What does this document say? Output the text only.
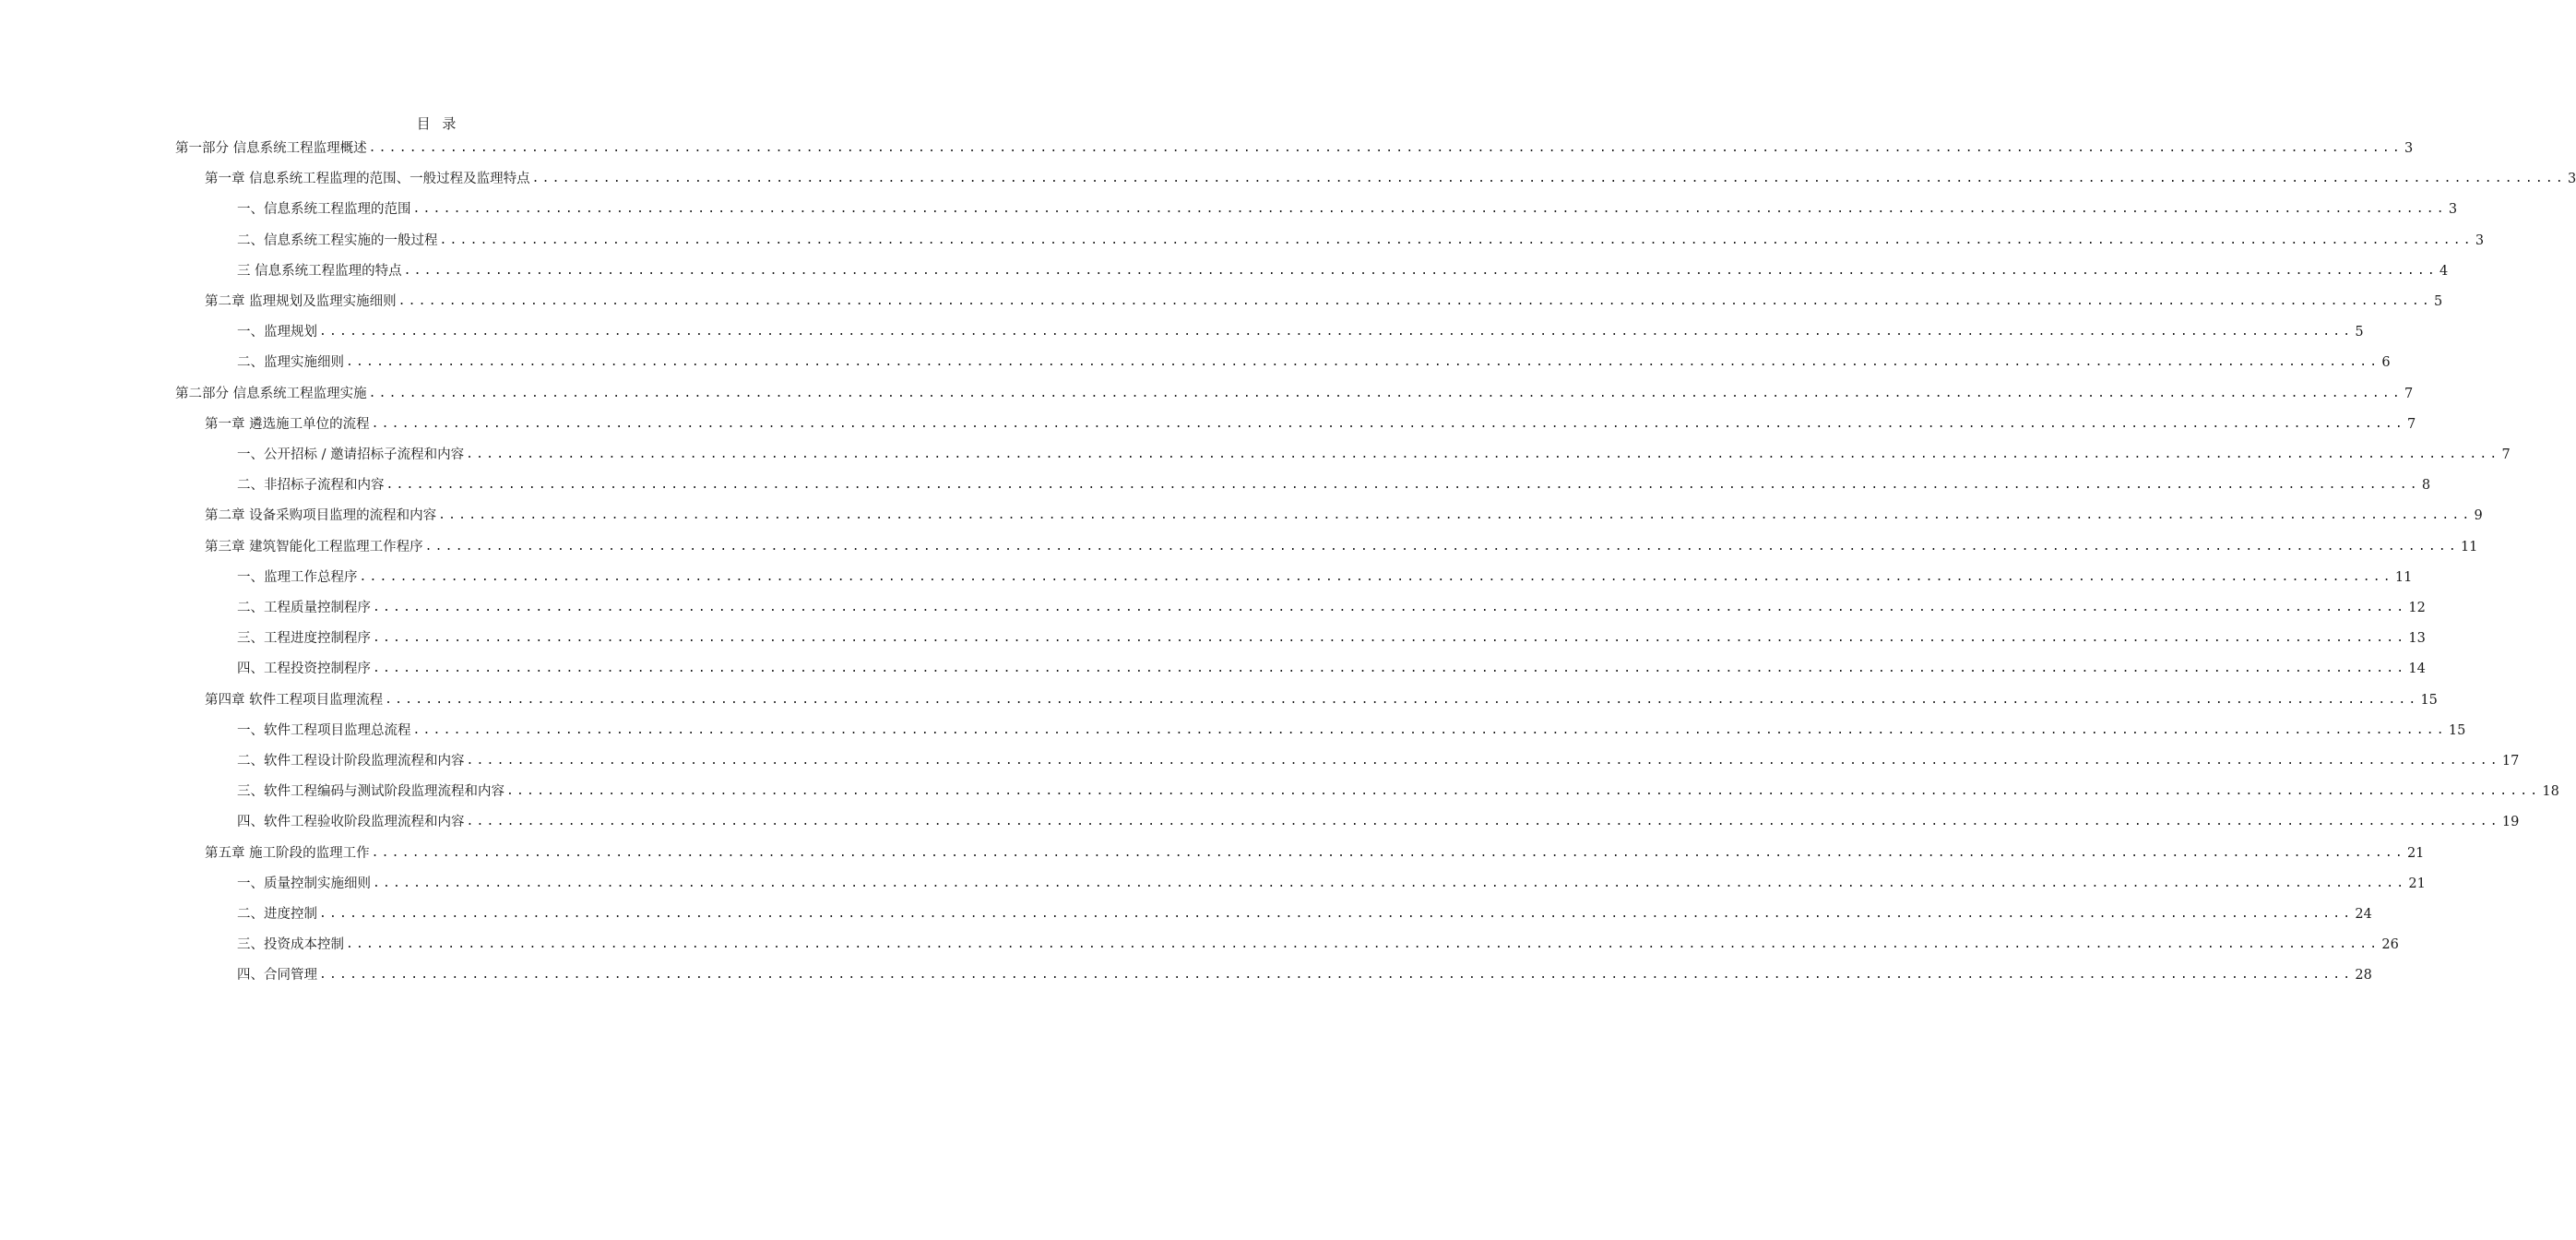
目 录
第一部分 信息系统工程监理概述 ........................................................................................................................................................................................................ 3
第一章 信息系统工程监理的范围、一般过程及监理特点 ........................................................................................................................................................................................................ 3
一、信息系统工程监理的范围 ........................................................................................................................................................................................................ 3
二、信息系统工程实施的一般过程 ........................................................................................................................................................................................................ 3
三 信息系统工程监理的特点 ........................................................................................................................................................................................................ 4
第二章 监理规划及监理实施细则 ........................................................................................................................................................................................................ 5
一、监理规划 ........................................................................................................................................................................................................ 5
二、监理实施细则 ........................................................................................................................................................................................................ 6
第二部分 信息系统工程监理实施 ........................................................................................................................................................................................................ 7
第一章 遴选施工单位的流程 ........................................................................................................................................................................................................ 7
一、公开招标 / 邀请招标子流程和内容 ........................................................................................................................................................................................................ 7
二、非招标子流程和内容 ........................................................................................................................................................................................................ 8
第二章 设备采购项目监理的流程和内容 ........................................................................................................................................................................................................ 9
第三章 建筑智能化工程监理工作程序 ........................................................................................................................................................................................................ 11
一、监理工作总程序 ........................................................................................................................................................................................................ 11
二、工程质量控制程序 ........................................................................................................................................................................................................ 12
三、工程进度控制程序 ........................................................................................................................................................................................................ 13
四、工程投资控制程序 ........................................................................................................................................................................................................ 14
第四章 软件工程项目监理流程 ........................................................................................................................................................................................................ 15
一、软件工程项目监理总流程 ........................................................................................................................................................................................................ 15
二、软件工程设计阶段监理流程和内容 ........................................................................................................................................................................................................ 17
三、软件工程编码与测试阶段监理流程和内容 ........................................................................................................................................................................................................ 18
四、软件工程验收阶段监理流程和内容 ........................................................................................................................................................................................................ 19
第五章 施工阶段的监理工作 ........................................................................................................................................................................................................ 21
一、质量控制实施细则 ........................................................................................................................................................................................................ 21
二、进度控制 ........................................................................................................................................................................................................ 24
三、投资成本控制 ........................................................................................................................................................................................................ 26
四、合同管理 ........................................................................................................................................................................................................ 28
